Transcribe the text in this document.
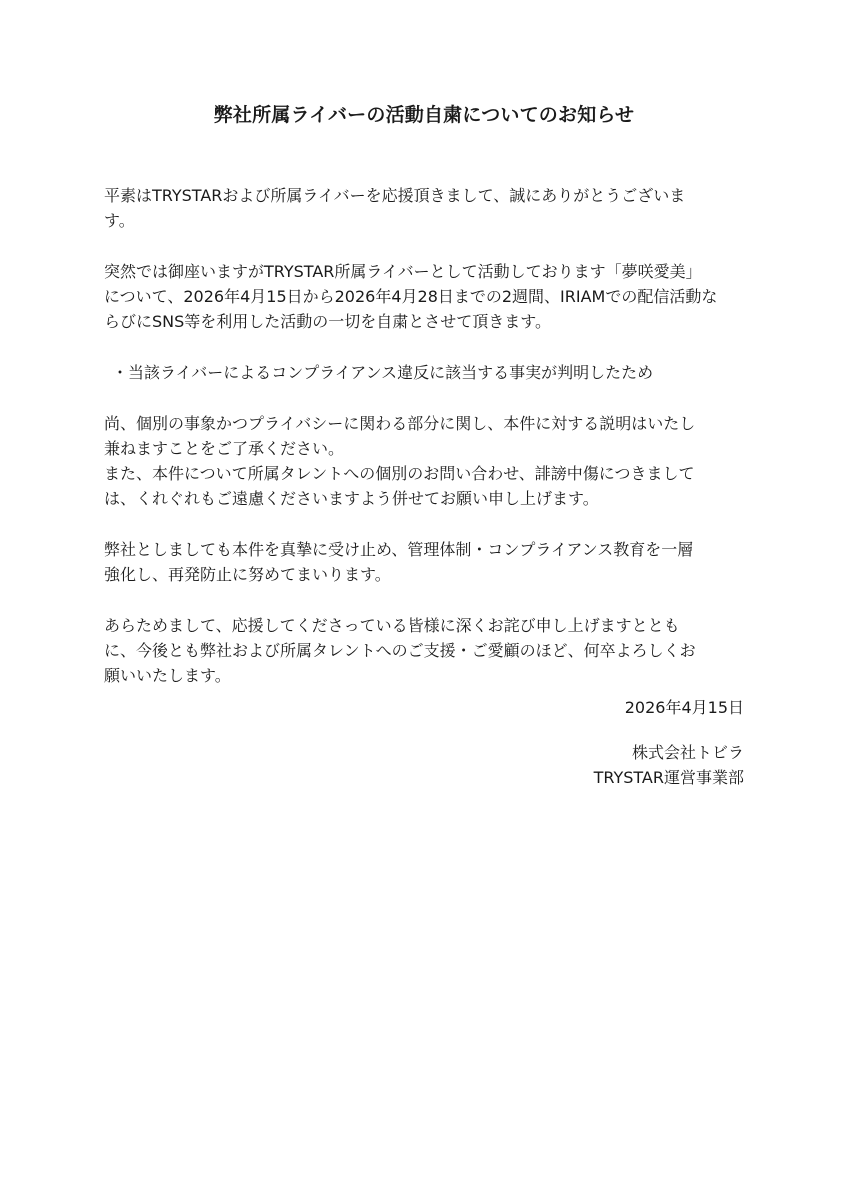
弊社所属ライバーの活動自粛についてのお知らせ

平素はTRYSTARおよび所属ライバーを応援頂きまして、誠にありがとうございま
す。

突然では御座いますがTRYSTAR所属ライバーとして活動しております「夢咲愛美」
について、2026年4月15日から2026年4月28日までの2週間、IRIAMでの配信活動な
らびにSNS等を利用した活動の一切を自粛とさせて頂きます。

・当該ライバーによるコンプライアンス違反に該当する事実が判明したため

尚、個別の事象かつプライバシーに関わる部分に関し、本件に対する説明はいたし
兼ねますことをご了承ください。
また、本件について所属タレントへの個別のお問い合わせ、誹謗中傷につきまして
は、くれぐれもご遠慮くださいますよう併せてお願い申し上げます。

弊社としましても本件を真摯に受け止め、管理体制・コンプライアンス教育を一層
強化し、再発防止に努めてまいります。

あらためまして、応援してくださっている皆様に深くお詫び申し上げますととも
に、今後とも弊社および所属タレントへのご支援・ご愛顧のほど、何卒よろしくお
願いいたします。

2026年4月15日
株式会社トビラ
TRYSTAR運営事業部
